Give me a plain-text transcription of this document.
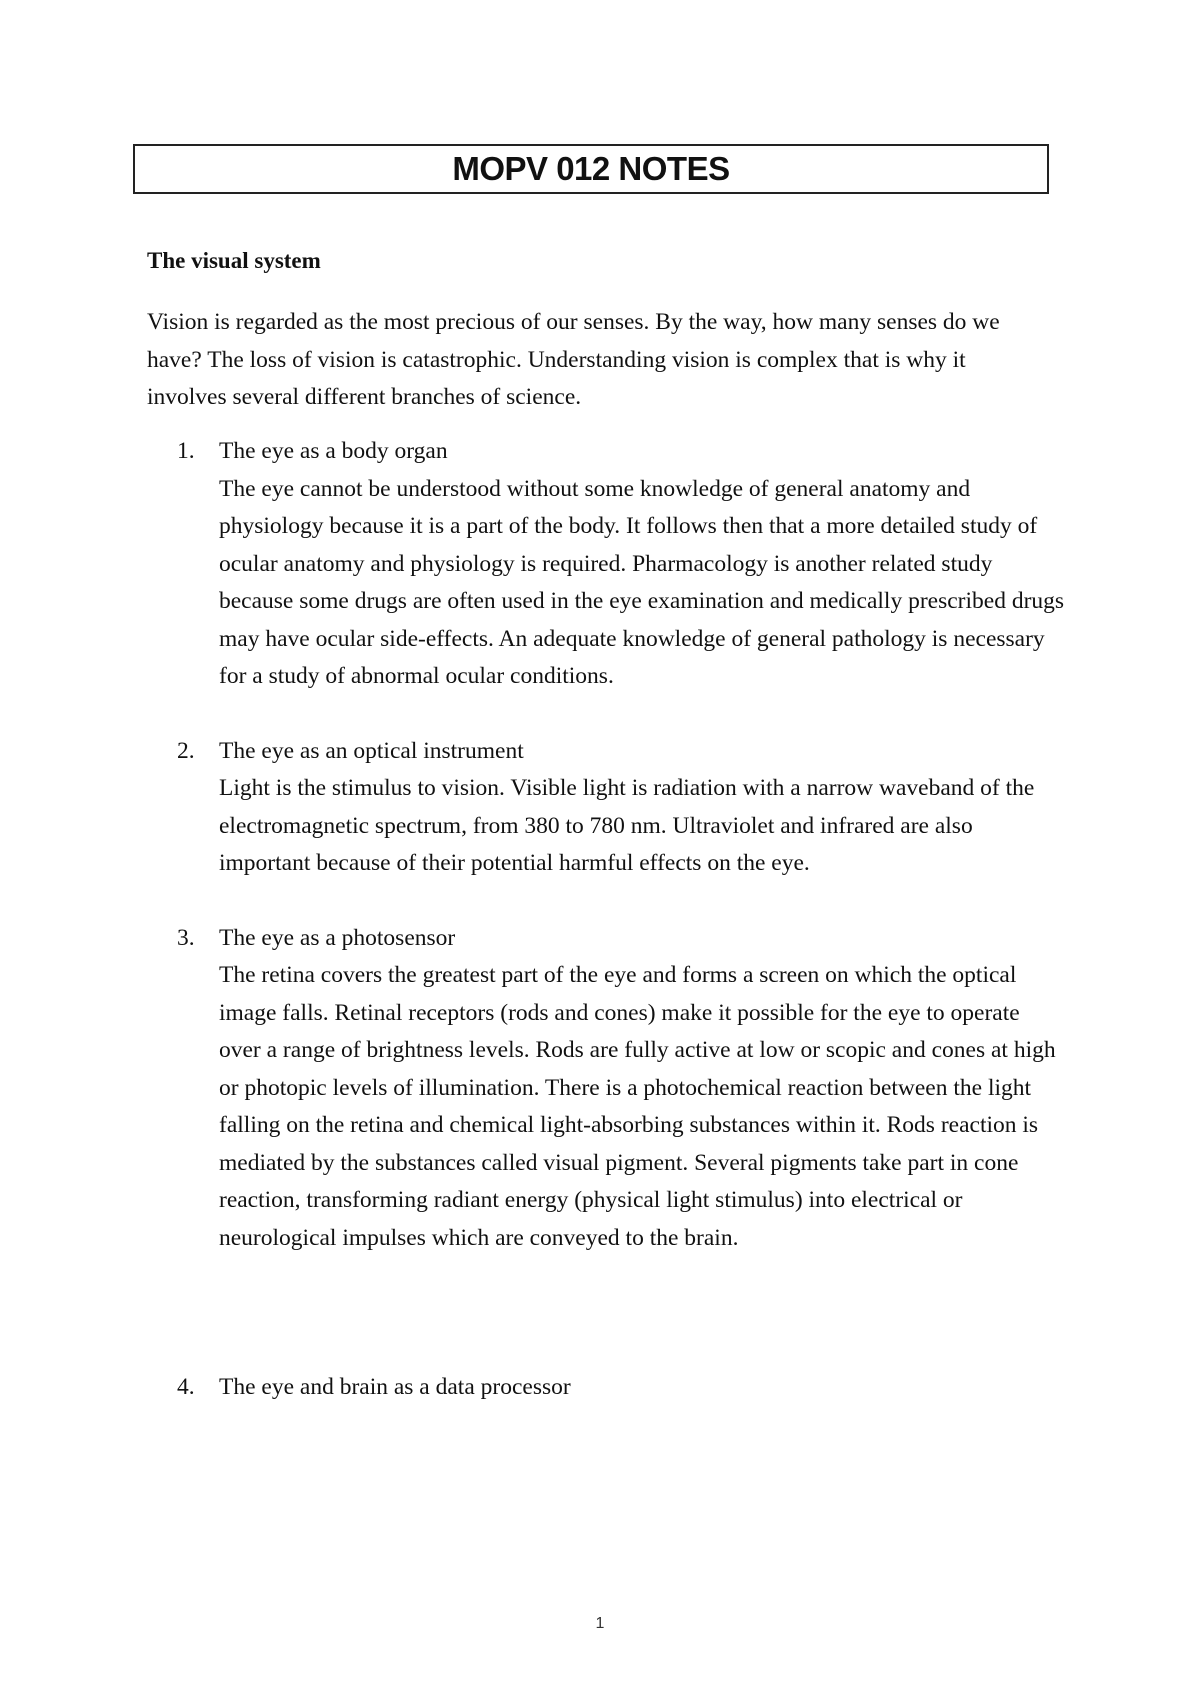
MOPV 012 NOTES
The visual system

Vision is regarded as the most precious of our senses. By the way, how many senses do we have? The loss of vision is catastrophic. Understanding vision is complex that is why it involves several different branches of science.

1. The eye as a body organ
The eye cannot be understood without some knowledge of general anatomy and physiology because it is a part of the body. It follows then that a more detailed study of ocular anatomy and physiology is required. Pharmacology is another related study because some drugs are often used in the eye examination and medically prescribed drugs may have ocular side-effects. An adequate knowledge of general pathology is necessary for a study of abnormal ocular conditions.
2. The eye as an optical instrument
Light is the stimulus to vision. Visible light is radiation with a narrow waveband of the electromagnetic spectrum, from 380 to 780 nm. Ultraviolet and infrared are also important because of their potential harmful effects on the eye.
3. The eye as a photosensor
The retina covers the greatest part of the eye and forms a screen on which the optical image falls. Retinal receptors (rods and cones) make it possible for the eye to operate over a range of brightness levels. Rods are fully active at low or scopic and cones at high or photopic levels of illumination. There is a photochemical reaction between the light falling on the retina and chemical light-absorbing substances within it. Rods reaction is mediated by the substances called visual pigment. Several pigments take part in cone reaction, transforming radiant energy (physical light stimulus) into electrical or neurological impulses which are conveyed to the brain.
4. The eye and brain as a data processor
1
